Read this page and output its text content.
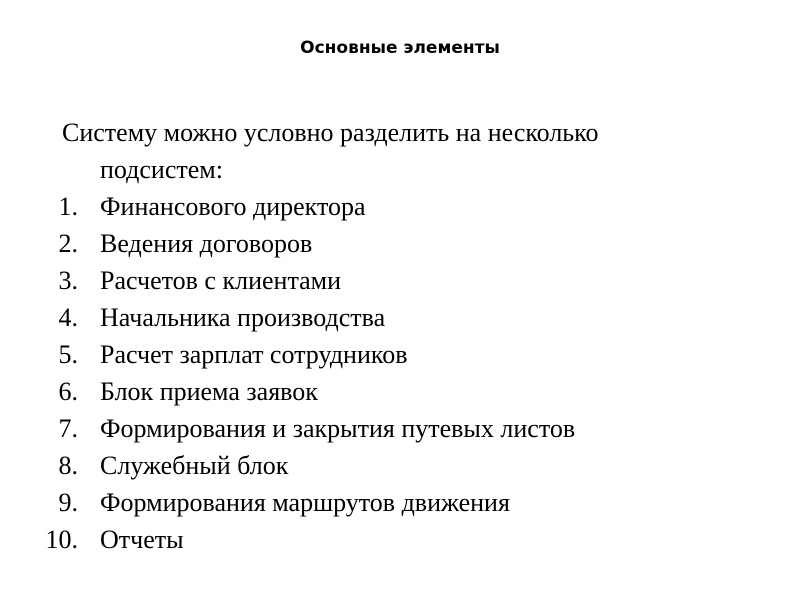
Основные элементы
Систему можно условно разделить на несколько
подсистем:
1. Финансового директора
2. Ведения договоров
3. Расчетов с клиентами
4. Начальника производства
5. Расчет зарплат сотрудников
6. Блок приема заявок
7. Формирования и закрытия путевых листов
8. Служебный блок
9. Формирования маршрутов движения
10. Отчеты
